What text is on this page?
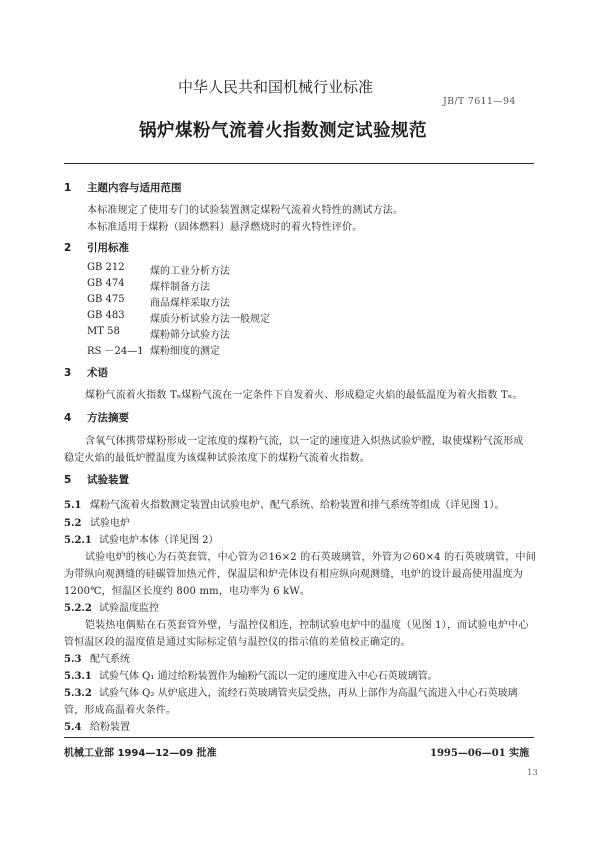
中华人民共和国机械行业标准
JB/T 7611—94
锅炉煤粉气流着火指数测定试验规范
1 主题内容与适用范围
本标准规定了使用专门的试验装置测定煤粉气流着火特性的测试方法。
本标准适用于煤粉（固体燃料）悬浮燃烧时的着火特性评价。
2 引用标准
GB 212	煤的工业分析方法
GB 474	煤样制备方法
GB 475	商品煤样采取方法
GB 483	煤质分析试验方法一般规定
MT 58	煤粉筛分试验方法
RS －24—1 煤粉细度的测定
3 术语
煤粉气流着火指数 Tₙ煤粉气流在一定条件下自发着火、形成稳定火焰的最低温度为着火指数 Tₙ。
4 方法摘要
含氧气体携带煤粉形成一定浓度的煤粉气流，以一定的速度进入炽热试验炉膛，取使煤粉气流形成
稳定火焰的最低炉膛温度为该煤种试验浓度下的煤粉气流着火指数。
5 试验装置
5.1 煤粉气流着火指数测定装置由试验电炉、配气系统、给粉装置和排气系统等组成（详见图 1）。
5.2 试验电炉
5.2.1 试验电炉本体（详见图 2）
试验电炉的核心为石英套管，中心管为∅16×2 的石英玻璃管，外管为∅60×4 的石英玻璃管，中间
为带纵向观测缝的硅碳管加热元件，保温层和炉壳体设有相应纵向观测缝，电炉的设计最高使用温度为
1200℃，恒温区长度约 800 mm，电功率为 6 kW。
5.2.2 试验温度监控
铠装热电偶贴在石英套管外壁，与温控仪相连，控制试验电炉中的温度（见图 1），而试验电炉中心
管恒温区段的温度值是通过实际标定值与温控仪的指示值的差值校正确定的。
5.3 配气系统
5.3.1 试验气体 Q₁ 通过给粉装置作为输粉气流以一定的速度进入中心石英玻璃管。
5.3.2 试验气体 Q₂ 从炉底进入，流经石英玻璃管夹层受热，再从上部作为高温气流进入中心石英玻璃
管，形成高温着火条件。
5.4 给粉装置
机械工业部 1994—12—09 批准	1995—06—01 实施
13
